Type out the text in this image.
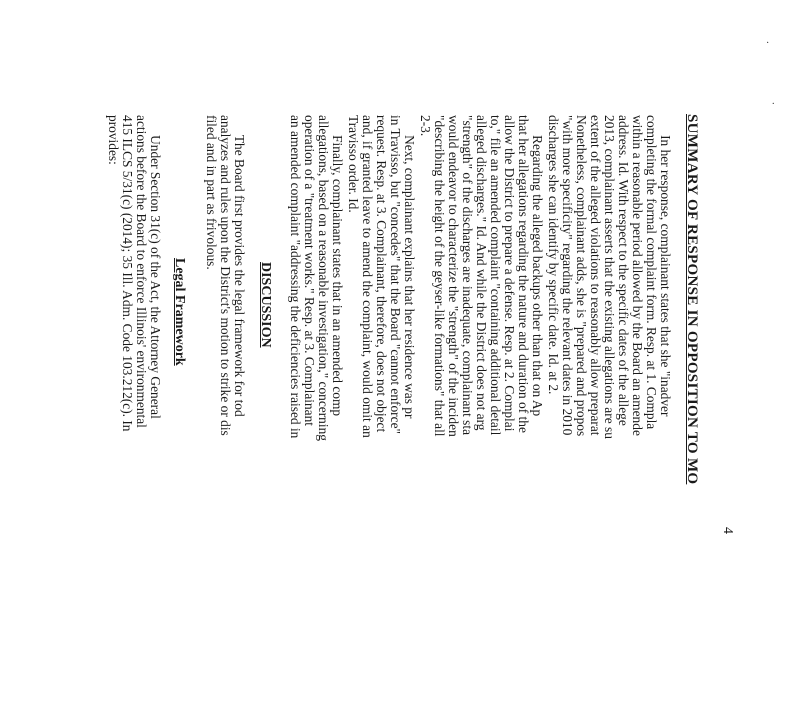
.
·
4
SUMMARY OF RESPONSE IN OPPOSITION TO MO
In her response, complainant states that she "inadver
completing the formal complaint form. Resp. at 1. Compla
within a reasonable period allowed by the Board an amende
address. Id. With respect to the specific dates of the allege
2013, complainant asserts that the existing allegations are su
extent of the alleged violations to reasonably allow preparat
Nonetheless, complainant adds, she is "prepared and propos
"with more specificity" regarding the relevant dates in 2010
discharges she can identify by specific date. Id. at 2.
Regarding the alleged backups other than that on Ap
that her allegations regarding the nature and duration of the
allow the District to prepare a defense. Resp. at 2. Complai
to," file an amended complaint "containing additional detail
alleged discharges." Id. And while the District does not arg
"strength" of the discharges are inadequate, complainant sta
would endeavor to characterize the "strength" of the inciden
"describing the height of the geyser-like formations" that all
2-3.
Next, complainant explains that her residence was pr
in Travisso, but "concedes" that the Board "cannot enforce"
request. Resp. at 3. Complainant, therefore, does not object
and, if granted leave to amend the complaint, would omit an
Travisso order. Id.
Finally, complainant states that in an amended comp
allegations, based on a reasonable investigation," concerning
operation of a "treatment works." Resp. at 3. Complainant
an amended complaint "addressing the deficiencies raised in
DISCUSSION
The Board first provides the legal framework for tod
analyzes and rules upon the District's motion to strike or dis
filed and in part as frivolous.
Legal Framework
Under Section 31(c) of the Act, the Attorney General
actions before the Board to enforce Illinois' environmental
415 ILCS 5/31(c) (2014); 35 Ill. Adm. Code 103.212(c). In
provides:
